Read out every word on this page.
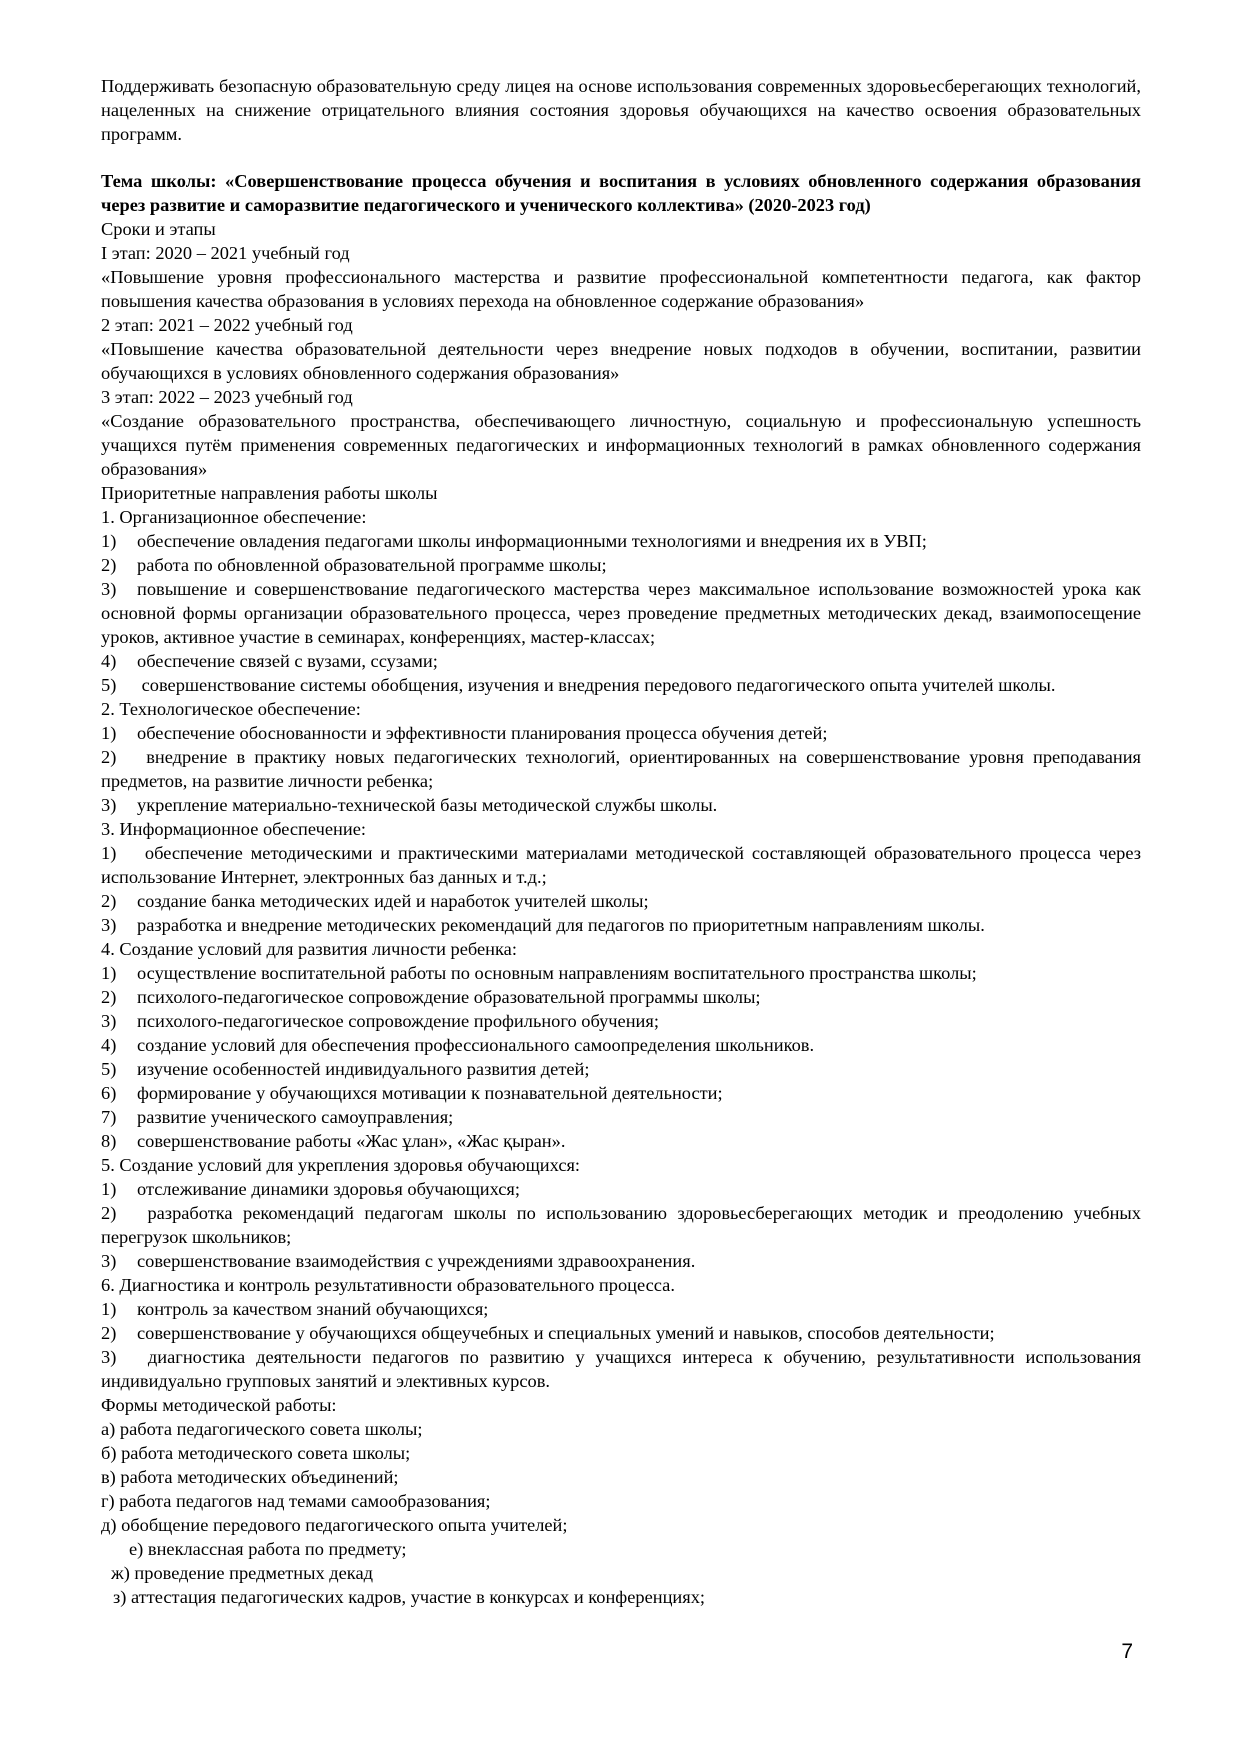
Поддерживать безопасную образовательную среду лицея на основе использования современных здоровьесберегающих технологий, нацеленных на снижение отрицательного влияния состояния здоровья обучающихся на качество освоения образовательных программ.

Тема школы: «Совершенствование процесса обучения и воспитания в условиях обновленного содержания образования через развитие и саморазвитие педагогического и ученического коллектива» (2020-2023 год)

Сроки и этапы

I этап: 2020 – 2021 учебный год

«Повышение уровня профессионального мастерства и развитие профессиональной компетентности педагога, как фактор повышения качества образования в условиях перехода на обновленное содержание образования»

2 этап: 2021 – 2022 учебный год

«Повышение качества образовательной деятельности через внедрение новых подходов в обучении, воспитании, развитии обучающихся в условиях обновленного содержания образования»

3 этап: 2022 – 2023 учебный год

«Создание образовательного пространства, обеспечивающего личностную, социальную и профессиональную успешность учащихся путём применения современных педагогических и информационных технологий в рамках обновленного содержания образования»

Приоритетные направления работы школы

1. Организационное обеспечение:

1) обеспечение овладения педагогами школы информационными технологиями и внедрения их в УВП;
2) работа по обновленной образовательной программе школы;
3) повышение и совершенствование педагогического мастерства через максимальное использование возможностей урока как основной формы организации образовательного процесса, через проведение предметных методических декад, взаимопосещение уроков, активное участие в семинарах, конференциях, мастер-классах;
4) обеспечение связей с вузами, ссузами;
5) совершенствование системы обобщения, изучения и внедрения передового педагогического опыта учителей школы.

2. Технологическое обеспечение:

1) обеспечение обоснованности и эффективности планирования процесса обучения детей;
2) внедрение в практику новых педагогических технологий, ориентированных на совершенствование уровня преподавания предметов, на развитие личности ребенка;
3) укрепление материально-технической базы методической службы школы.

3. Информационное обеспечение:

1) обеспечение методическими и практическими материалами методической составляющей образовательного процесса через использование Интернет, электронных баз данных и т.д.;
2) создание банка методических идей и наработок учителей школы;
3) разработка и внедрение методических рекомендаций для педагогов по приоритетным направлениям школы.

4. Создание условий для развития личности ребенка:

1) осуществление воспитательной работы по основным направлениям воспитательного пространства школы;
2) психолого-педагогическое сопровождение образовательной программы школы;
3) психолого-педагогическое сопровождение профильного обучения;
4) создание условий для обеспечения профессионального самоопределения школьников.
5) изучение особенностей индивидуального развития детей;
6) формирование у обучающихся мотивации к познавательной деятельности;
7) развитие ученического самоуправления;
8) совершенствование работы «Жас ұлан», «Жас қыран».

5. Создание условий для укрепления здоровья обучающихся:

1) отслеживание динамики здоровья обучающихся;
2) разработка рекомендаций педагогам школы по использованию здоровьесберегающих методик и преодолению учебных перегрузок школьников;
3) совершенствование взаимодействия с учреждениями здравоохранения.

6. Диагностика и контроль результативности образовательного процесса.

1) контроль за качеством знаний обучающихся;
2) совершенствование у обучающихся общеучебных и специальных умений и навыков, способов деятельности;
3) диагностика деятельности педагогов по развитию у учащихся интереса к обучению, результативности использования индивидуально групповых занятий и элективных курсов.

Формы методической работы:

а) работа педагогического совета школы;

б) работа методического совета школы;

в) работа методических объединений;

г) работа педагогов над темами самообразования;

д) обобщение передового педагогического опыта учителей;

е) внеклассная работа по предмету;

ж) проведение предметных декад

з) аттестация педагогических кадров, участие в конкурсах и конференциях;

7
